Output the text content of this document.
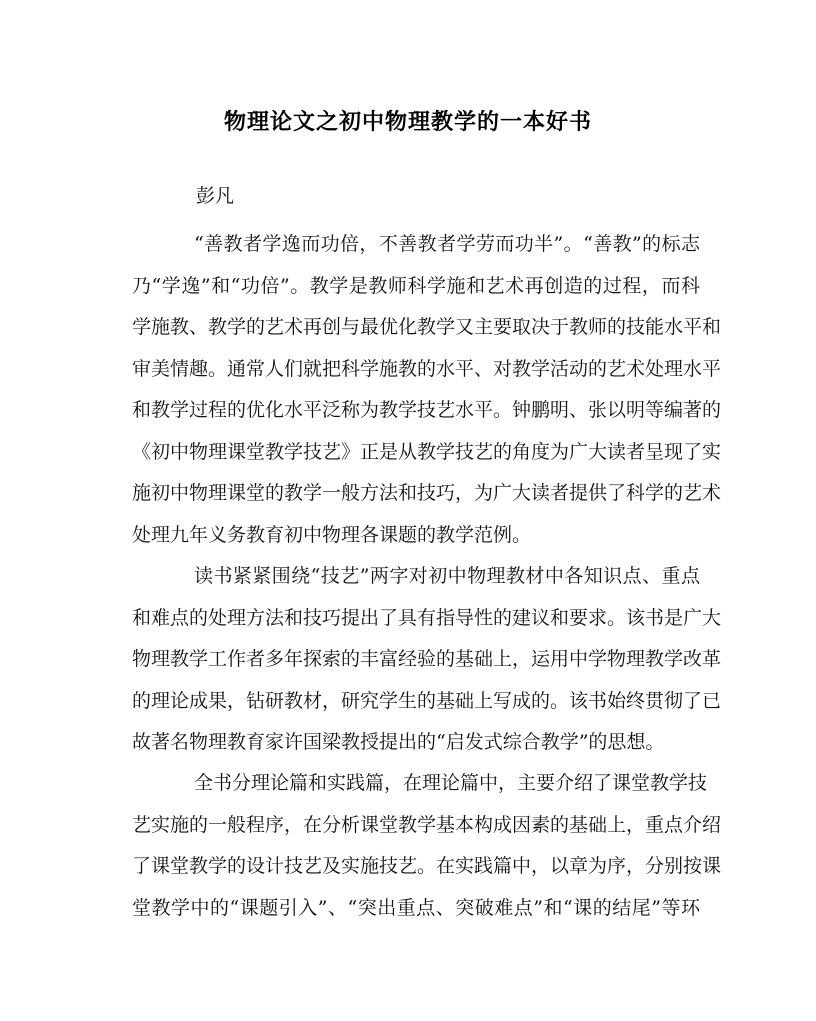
物理论文之初中物理教学的一本好书
彭凡
“善教者学逸而功倍，不善教者学劳而功半”。“善教”的标志
乃“学逸”和“功倍”。教学是教师科学施和艺术再创造的过程，而科
学施教、教学的艺术再创与最优化教学又主要取决于教师的技能水平和
审美情趣。通常人们就把科学施教的水平、对教学活动的艺术处理水平
和教学过程的优化水平泛称为教学技艺水平。钟鹏明、张以明等编著的
《初中物理课堂教学技艺》正是从教学技艺的角度为广大读者呈现了实
施初中物理课堂的教学一般方法和技巧，为广大读者提供了科学的艺术
处理九年义务教育初中物理各课题的教学范例。
读书紧紧围绕“技艺”两字对初中物理教材中各知识点、重点
和难点的处理方法和技巧提出了具有指导性的建议和要求。该书是广大
物理教学工作者多年探索的丰富经验的基础上，运用中学物理教学改革
的理论成果，钻研教材，研究学生的基础上写成的。该书始终贯彻了已
故著名物理教育家许国梁教授提出的“启发式综合教学”的思想。
全书分理论篇和实践篇，在理论篇中，主要介绍了课堂教学技
艺实施的一般程序，在分析课堂教学基本构成因素的基础上，重点介绍
了课堂教学的设计技艺及实施技艺。在实践篇中，以章为序，分别按课
堂教学中的“课题引入”、“突出重点、突破难点”和“课的结尾”等环
